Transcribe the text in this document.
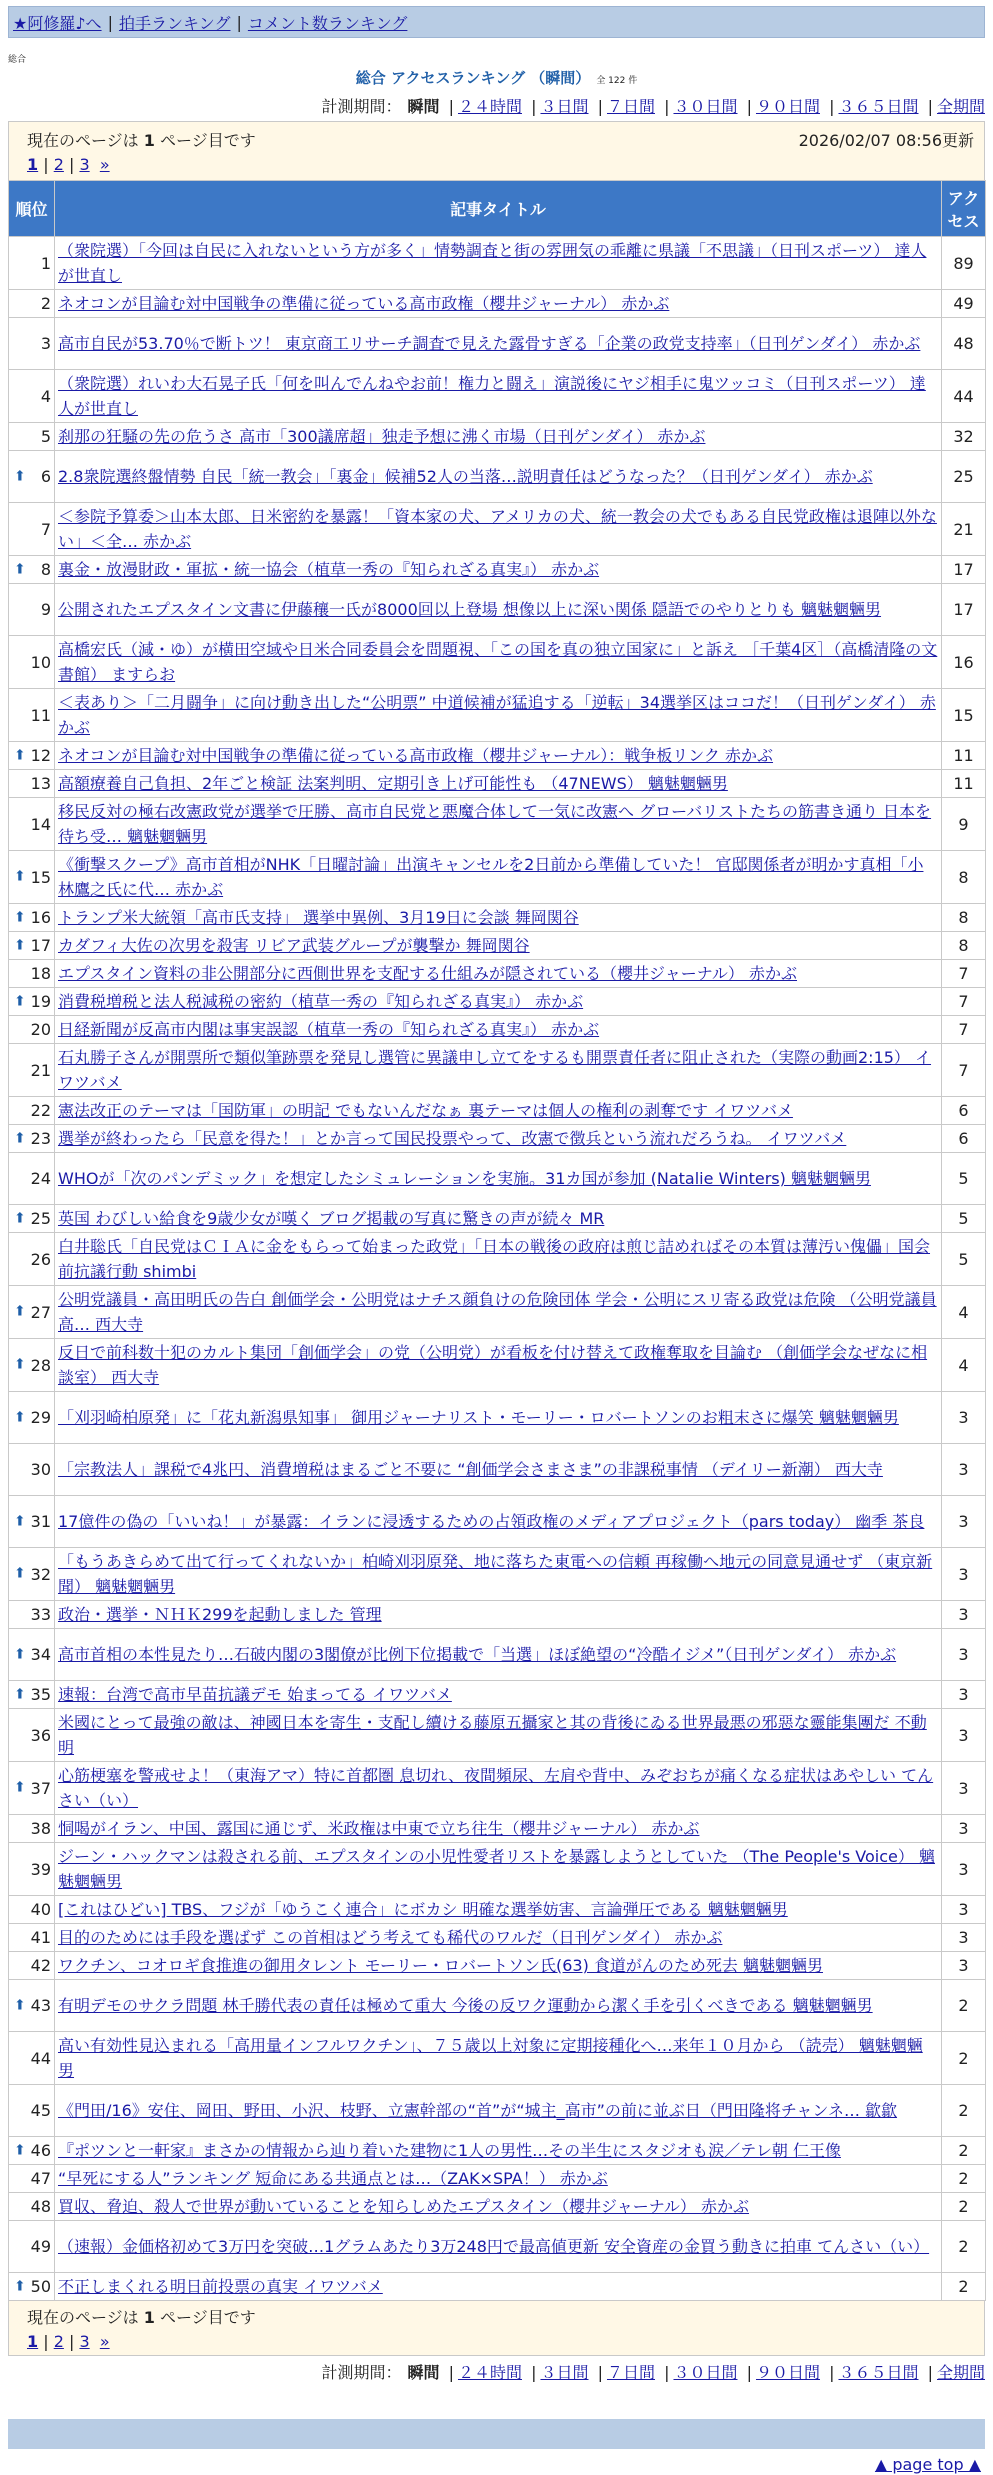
★阿修羅♪へ | 拍手ランキング | コメント数ランキング
総合
総合 アクセスランキング （瞬間） 全 122 件
計測期間： 瞬間 | ２４時間 | ３日間 | ７日間 | ３０日間 | ９０日間 | ３６５日間 | 全期間
現在のページは 1 ページ目です	2026/02/07 08:56更新
1 | 2 | 3 »
順位	記事タイトル	アクセス
1	（衆院選）「今回は自民に入れないという方が多く」情勢調査と街の雰囲気の乖離に県議「不思議」（日刊スポーツ） 達人が世直し	89
2	ネオコンが目論む対中国戦争の準備に従っている高市政権（櫻井ジャーナル） 赤かぶ	49
3	高市自民が53.70％で断トツ！ 東京商工リサーチ調査で見えた露骨すぎる「企業の政党支持率」（日刊ゲンダイ） 赤かぶ	48
4	（衆院選）れいわ大石晃子氏「何を叫んでんねやお前！権力と闘え」演説後にヤジ相手に鬼ツッコミ（日刊スポーツ） 達人が世直し	44
5	刹那の狂騒の先の危うさ 高市「300議席超」独走予想に沸く市場（日刊ゲンダイ） 赤かぶ	32

⬆ 6	2.8衆院選終盤情勢 自民「統一教会」「裏金」候補52人の当落…説明責任はどうなった？（日刊ゲンダイ） 赤かぶ	25
7	＜参院予算委＞山本太郎、日米密約を暴露！「資本家の犬、アメリカの犬、統一教会の犬でもある自民党政権は退陣以外ない」＜全… 赤かぶ	21

⬆ 8	裏金・放漫財政・軍拡・統一協会（植草一秀の『知られざる真実』） 赤かぶ	17
9	公開されたエプスタイン文書に伊藤穰一氏が8000回以上登場 想像以上に深い関係 隠語でのやりとりも 魑魅魍魎男	17
10	高橋宏氏（減・ゆ）が横田空域や日米合同委員会を問題視、「この国を真の独立国家に」と訴え ［千葉4区］（高橋清隆の文書館） ますらお	16
11	＜表あり＞「二月闘争」に向け動き出した“公明票” 中道候補が猛追する「逆転」34選挙区はココだ！（日刊ゲンダイ） 赤かぶ	15

⬆ 12	ネオコンが目論む対中国戦争の準備に従っている高市政権（櫻井ジャーナル）：戦争板リンク 赤かぶ	11
13	高額療養自己負担、2年ごと検証 法案判明、定期引き上げ可能性も （47NEWS） 魑魅魍魎男	11
14	移民反対の極右改憲政党が選挙で圧勝、高市自民党と悪魔合体して一気に改憲へ グローバリストたちの筋書き通り 日本を待ち受… 魑魅魍魎男	9

⬆ 15	《衝撃スクープ》高市首相がNHK「日曜討論」出演キャンセルを2日前から準備していた！ 官邸関係者が明かす真相「小林鷹之氏に代… 赤かぶ	8

⬆ 16	トランプ米大統領「高市氏支持」 選挙中異例、3月19日に会談 舞岡関谷	8

⬆ 17	カダフィ大佐の次男を殺害 リビア武装グループが襲撃か 舞岡関谷	8
18	エプスタイン資料の非公開部分に西側世界を支配する仕組みが隠されている（櫻井ジャーナル） 赤かぶ	7

⬆ 19	消費税増税と法人税減税の密約（植草一秀の『知られざる真実』） 赤かぶ	7
20	日経新聞が反高市内閣は事実誤認（植草一秀の『知られざる真実』） 赤かぶ	7
21	石丸勝子さんが開票所で類似筆跡票を発見し選管に異議申し立てをするも開票責任者に阻止された（実際の動画2:15） イワツバメ	7
22	憲法改正のテーマは「国防軍」の明記 でもないんだなぁ 裏テーマは個人の権利の剥奪です イワツバメ	6

⬆ 23	選挙が終わったら「民意を得た！」とか言って国民投票やって、改憲で徴兵という流れだろうね。 イワツバメ	6
24	WHOが「次のパンデミック」を想定したシミュレーションを実施。31カ国が参加 (Natalie Winters) 魑魅魍魎男	5

⬆ 25	英国 わびしい給食を9歳少女が嘆く ブログ掲載の写真に驚きの声が続々 MR	5
26	白井聡氏「自民党はＣＩＡに金をもらって始まった政党」「日本の戦後の政府は煎じ詰めればその本質は薄汚い傀儡」国会前抗議行動 shimbi	5

⬆ 27	公明党議員・高田明氏の告白 創価学会・公明党はナチス顔負けの危険団体 学会・公明にスリ寄る政党は危険 （公明党議員 高… 西大寺	4

⬆ 28	反日で前科数十犯のカルト集団「創価学会」の党（公明党）が看板を付け替えて政権奪取を目論む （創価学会なぜなに相談室） 西大寺	4

⬆ 29	「刈羽崎柏原発」に「花丸新潟県知事」 御用ジャーナリスト・モーリー・ロバートソンのお粗末さに爆笑 魑魅魍魎男	3
30	「宗教法人」課税で4兆円、消費増税はまるごと不要に “創価学会さまさま”の非課税事情 （デイリー新潮） 西大寺	3

⬆ 31	17億件の偽の「いいね！」が暴露：イランに浸透するための占領政権のメディアプロジェクト（pars today） 幽季 茶良	3

⬆ 32	「もうあきらめて出て行ってくれないか」柏崎刈羽原発、地に落ちた東電への信頼 再稼働へ地元の同意見通せず （東京新聞） 魑魅魍魎男	3
33	政治・選挙・ＮＨＫ299を起動しました 管理	3

⬆ 34	高市首相の本性見たり…石破内閣の3閣僚が比例下位掲載で「当選」ほぼ絶望の“冷酷イジメ”（日刊ゲンダイ） 赤かぶ	3

⬆ 35	速報：台湾で高市早苗抗議デモ 始まってる イワツバメ	3
36	米國にとって最強の敵は、神國日本を寄生・支配し續ける藤原五攝家と其の背後にゐる世界最悪の邪惡な靈能集團だ 不動明	3

⬆ 37	心筋梗塞を警戒せよ！（東海アマ）特に首都圏 息切れ、夜間頻尿、左肩や背中、みぞおちが痛くなる症状はあやしい てんさい（い）	3
38	恫喝がイラン、中国、露国に通じず、米政権は中東で立ち往生（櫻井ジャーナル） 赤かぶ	3
39	ジーン・ハックマンは殺される前、エプスタインの小児性愛者リストを暴露しようとしていた （The People's Voice） 魑魅魍魎男	3
40	[これはひどい] TBS、フジが「ゆうこく連合」にボカシ 明確な選挙妨害、言論弾圧である 魑魅魍魎男	3
41	目的のためには手段を選ばず この首相はどう考えても稀代のワルだ（日刊ゲンダイ） 赤かぶ	3
42	ワクチン、コオロギ食推進の御用タレント モーリー・ロバートソン氏(63) 食道がんのため死去 魑魅魍魎男	3

⬆ 43	有明デモのサクラ問題 林千勝代表の責任は極めて重大 今後の反ワク運動から潔く手を引くべきである 魑魅魍魎男	2
44	高い有効性見込まれる「高用量インフルワクチン」、７５歳以上対象に定期接種化へ…来年１０月から （読売） 魑魅魍魎男	2
45	《門田/16》安住、岡田、野田、小沢、枝野、立憲幹部の“首”が“城主_高市”の前に並ぶ日（門田隆将チャンネ… 歙歙	2

⬆ 46	『ポツンと一軒家』まさかの情報から辿り着いた建物に1人の男性…その半生にスタジオも涙／テレ朝 仁王像	2
47	“早死にする人”ランキング 短命にある共通点とは…（ZAK×SPA！） 赤かぶ	2
48	買収、脅迫、殺人で世界が動いていることを知らしめたエプスタイン（櫻井ジャーナル） 赤かぶ	2
49	（速報）金価格初めて3万円を突破…1グラムあたり3万248円で最高値更新 安全資産の金買う動きに拍車 てんさい（い）	2

⬆ 50	不正しまくれる明日前投票の真実 イワツバメ	2
現在のページは 1 ページ目です
1 | 2 | 3 »
計測期間： 瞬間 | ２４時間 | ３日間 | ７日間 | ３０日間 | ９０日間 | ３６５日間 | 全期間
▲ page top ▲
